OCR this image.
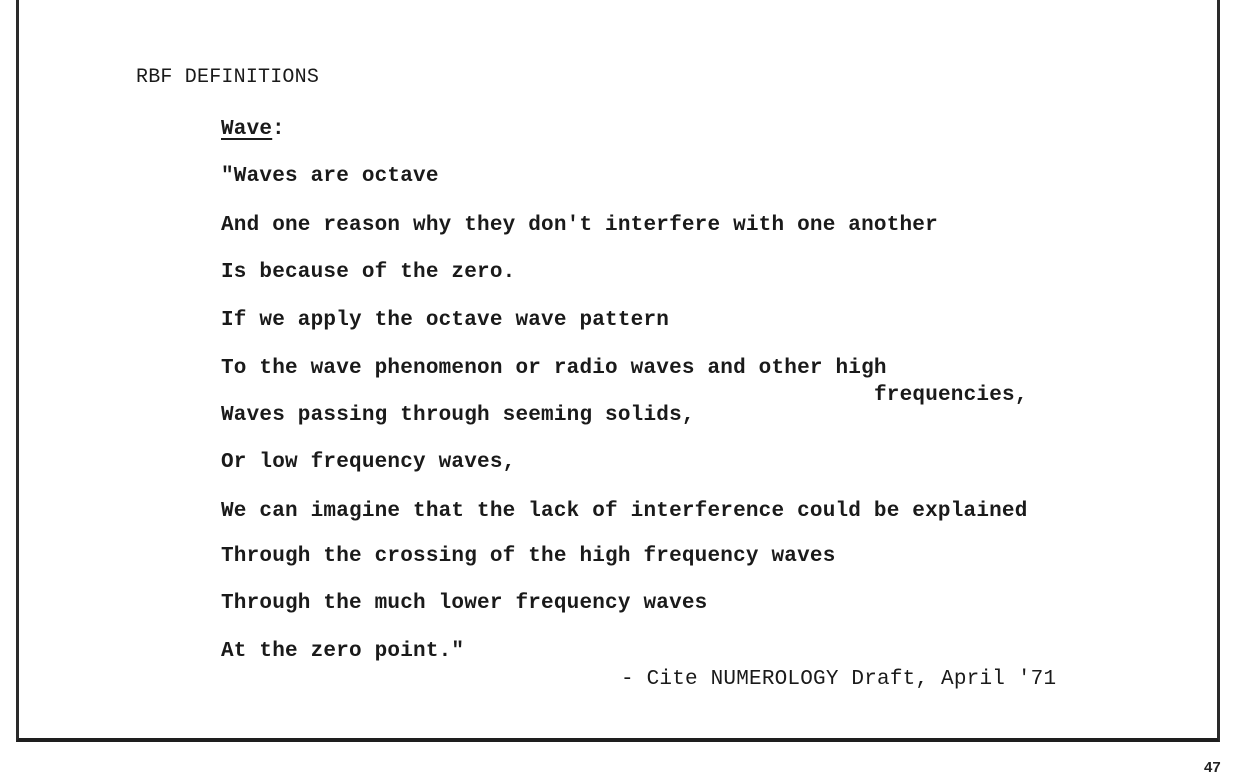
RBF DEFINITIONS
Wave :
"Waves are octave
And one reason why they don't interfere with one another
Is because of the zero.
If we apply the octave wave pattern
To the wave phenomenon or radio waves and other high
frequencies,
Waves passing through seeming solids,
Or low frequency waves,
We can imagine that the lack of interference could be explained
Through the crossing of the high frequency waves
Through the much lower frequency waves
At the zero point."
- Cite NUMEROLOGY Draft, April '71
47
